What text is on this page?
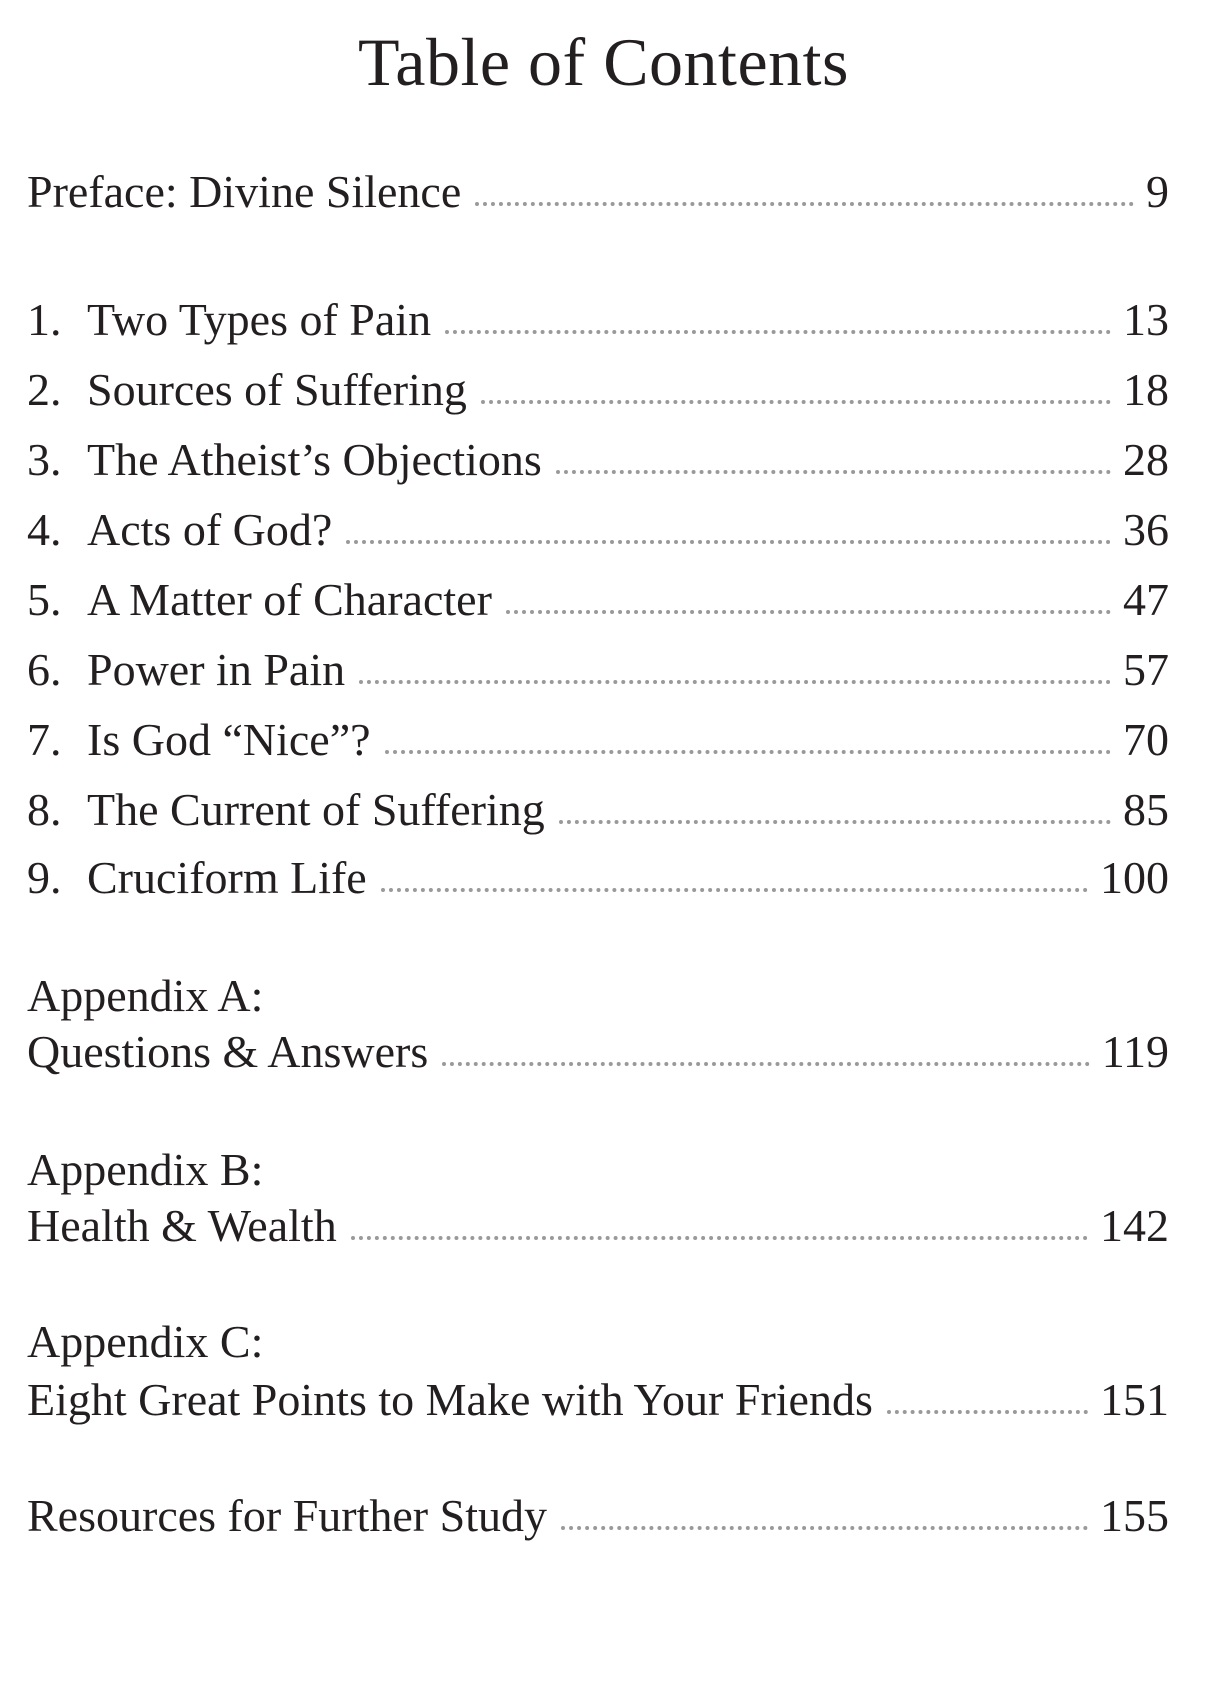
Table of Contents
Preface: Divine Silence	9
1. Two Types of Pain	13
2. Sources of Suffering	18
3. The Atheist’s Objections	28
4. Acts of God?	36
5. A Matter of Character	47
6. Power in Pain	57
7. Is God “Nice”?	70
8. The Current of Suffering	85
9. Cruciform Life	100
Appendix A:
Questions & Answers	119
Appendix B:
Health & Wealth	142
Appendix C:
Eight Great Points to Make with Your Friends	151
Resources for Further Study	155
